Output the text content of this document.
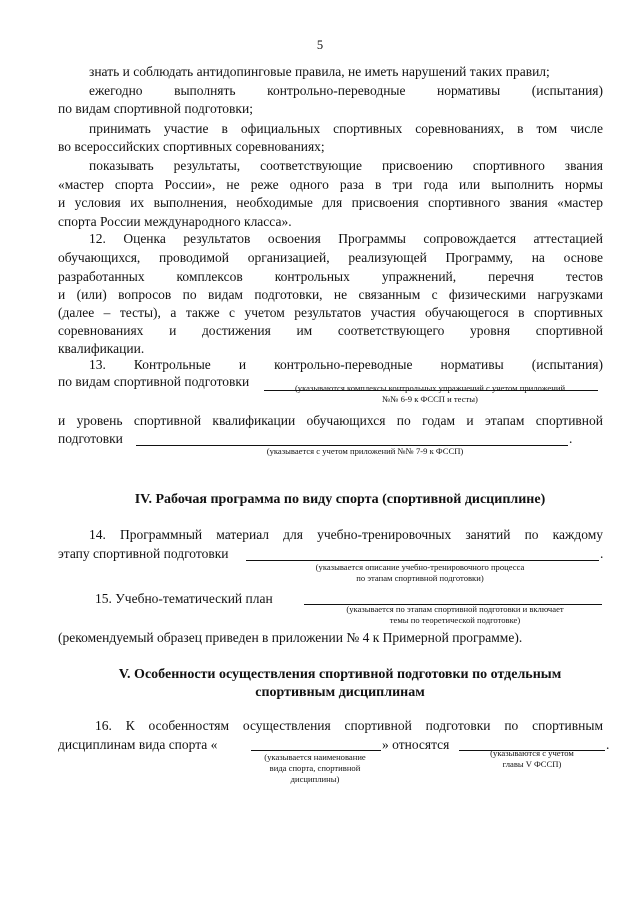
5
знать и соблюдать антидопинговые правила, не иметь нарушений таких правил;
ежегодно выполнять контрольно-переводные нормативы (испытания)
по видам спортивной подготовки;
принимать участие в официальных спортивных соревнованиях, в том числе
во всероссийских спортивных соревнованиях;
показывать результаты, соответствующие присвоению спортивного звания
«мастер спорта России», не реже одного раза в три года или выполнить нормы
и условия их выполнения, необходимые для присвоения спортивного звания «мастер
спорта России международного класса».
12. Оценка результатов освоения Программы сопровождается аттестацией
обучающихся, проводимой организацией, реализующей Программу, на основе
разработанных комплексов контрольных упражнений, перечня тестов
и (или) вопросов по видам подготовки, не связанным с физическими нагрузками
(далее – тесты), а также с учетом результатов участия обучающегося в спортивных
соревнованиях и достижения им соответствующего уровня спортивной
квалификации.
13. Контрольные и контрольно-переводные нормативы (испытания)
по видам спортивной подготовки	(указываются комплексы контрольных упражнений с учетом приложений
№№ 6-9 к ФССП и тесты)
и уровень спортивной квалификации обучающихся по годам и этапам спортивной
подготовки	.
(указывается с учетом приложений №№ 7-9 к ФССП)
IV. Рабочая программа по виду спорта (спортивной дисциплине)
14. Программный материал для учебно-тренировочных занятий по каждому
этапу спортивной подготовки	.
(указывается описание учебно-тренировочного процесса
по этапам спортивной подготовки)
15. Учебно-тематический план
(указывается по этапам спортивной подготовки и включает
темы по теоретической подготовке)
(рекомендуемый образец приведен в приложении № 4 к Примерной программе).
V. Особенности осуществления спортивной подготовки по отдельным
спортивным дисциплинам
16. К особенностям осуществления спортивной подготовки по спортивным
дисциплинам вида спорта «	» относятся	.
(указывается наименование
вида спорта, спортивной
дисциплины)
(указываются с учетом
главы V ФССП)
